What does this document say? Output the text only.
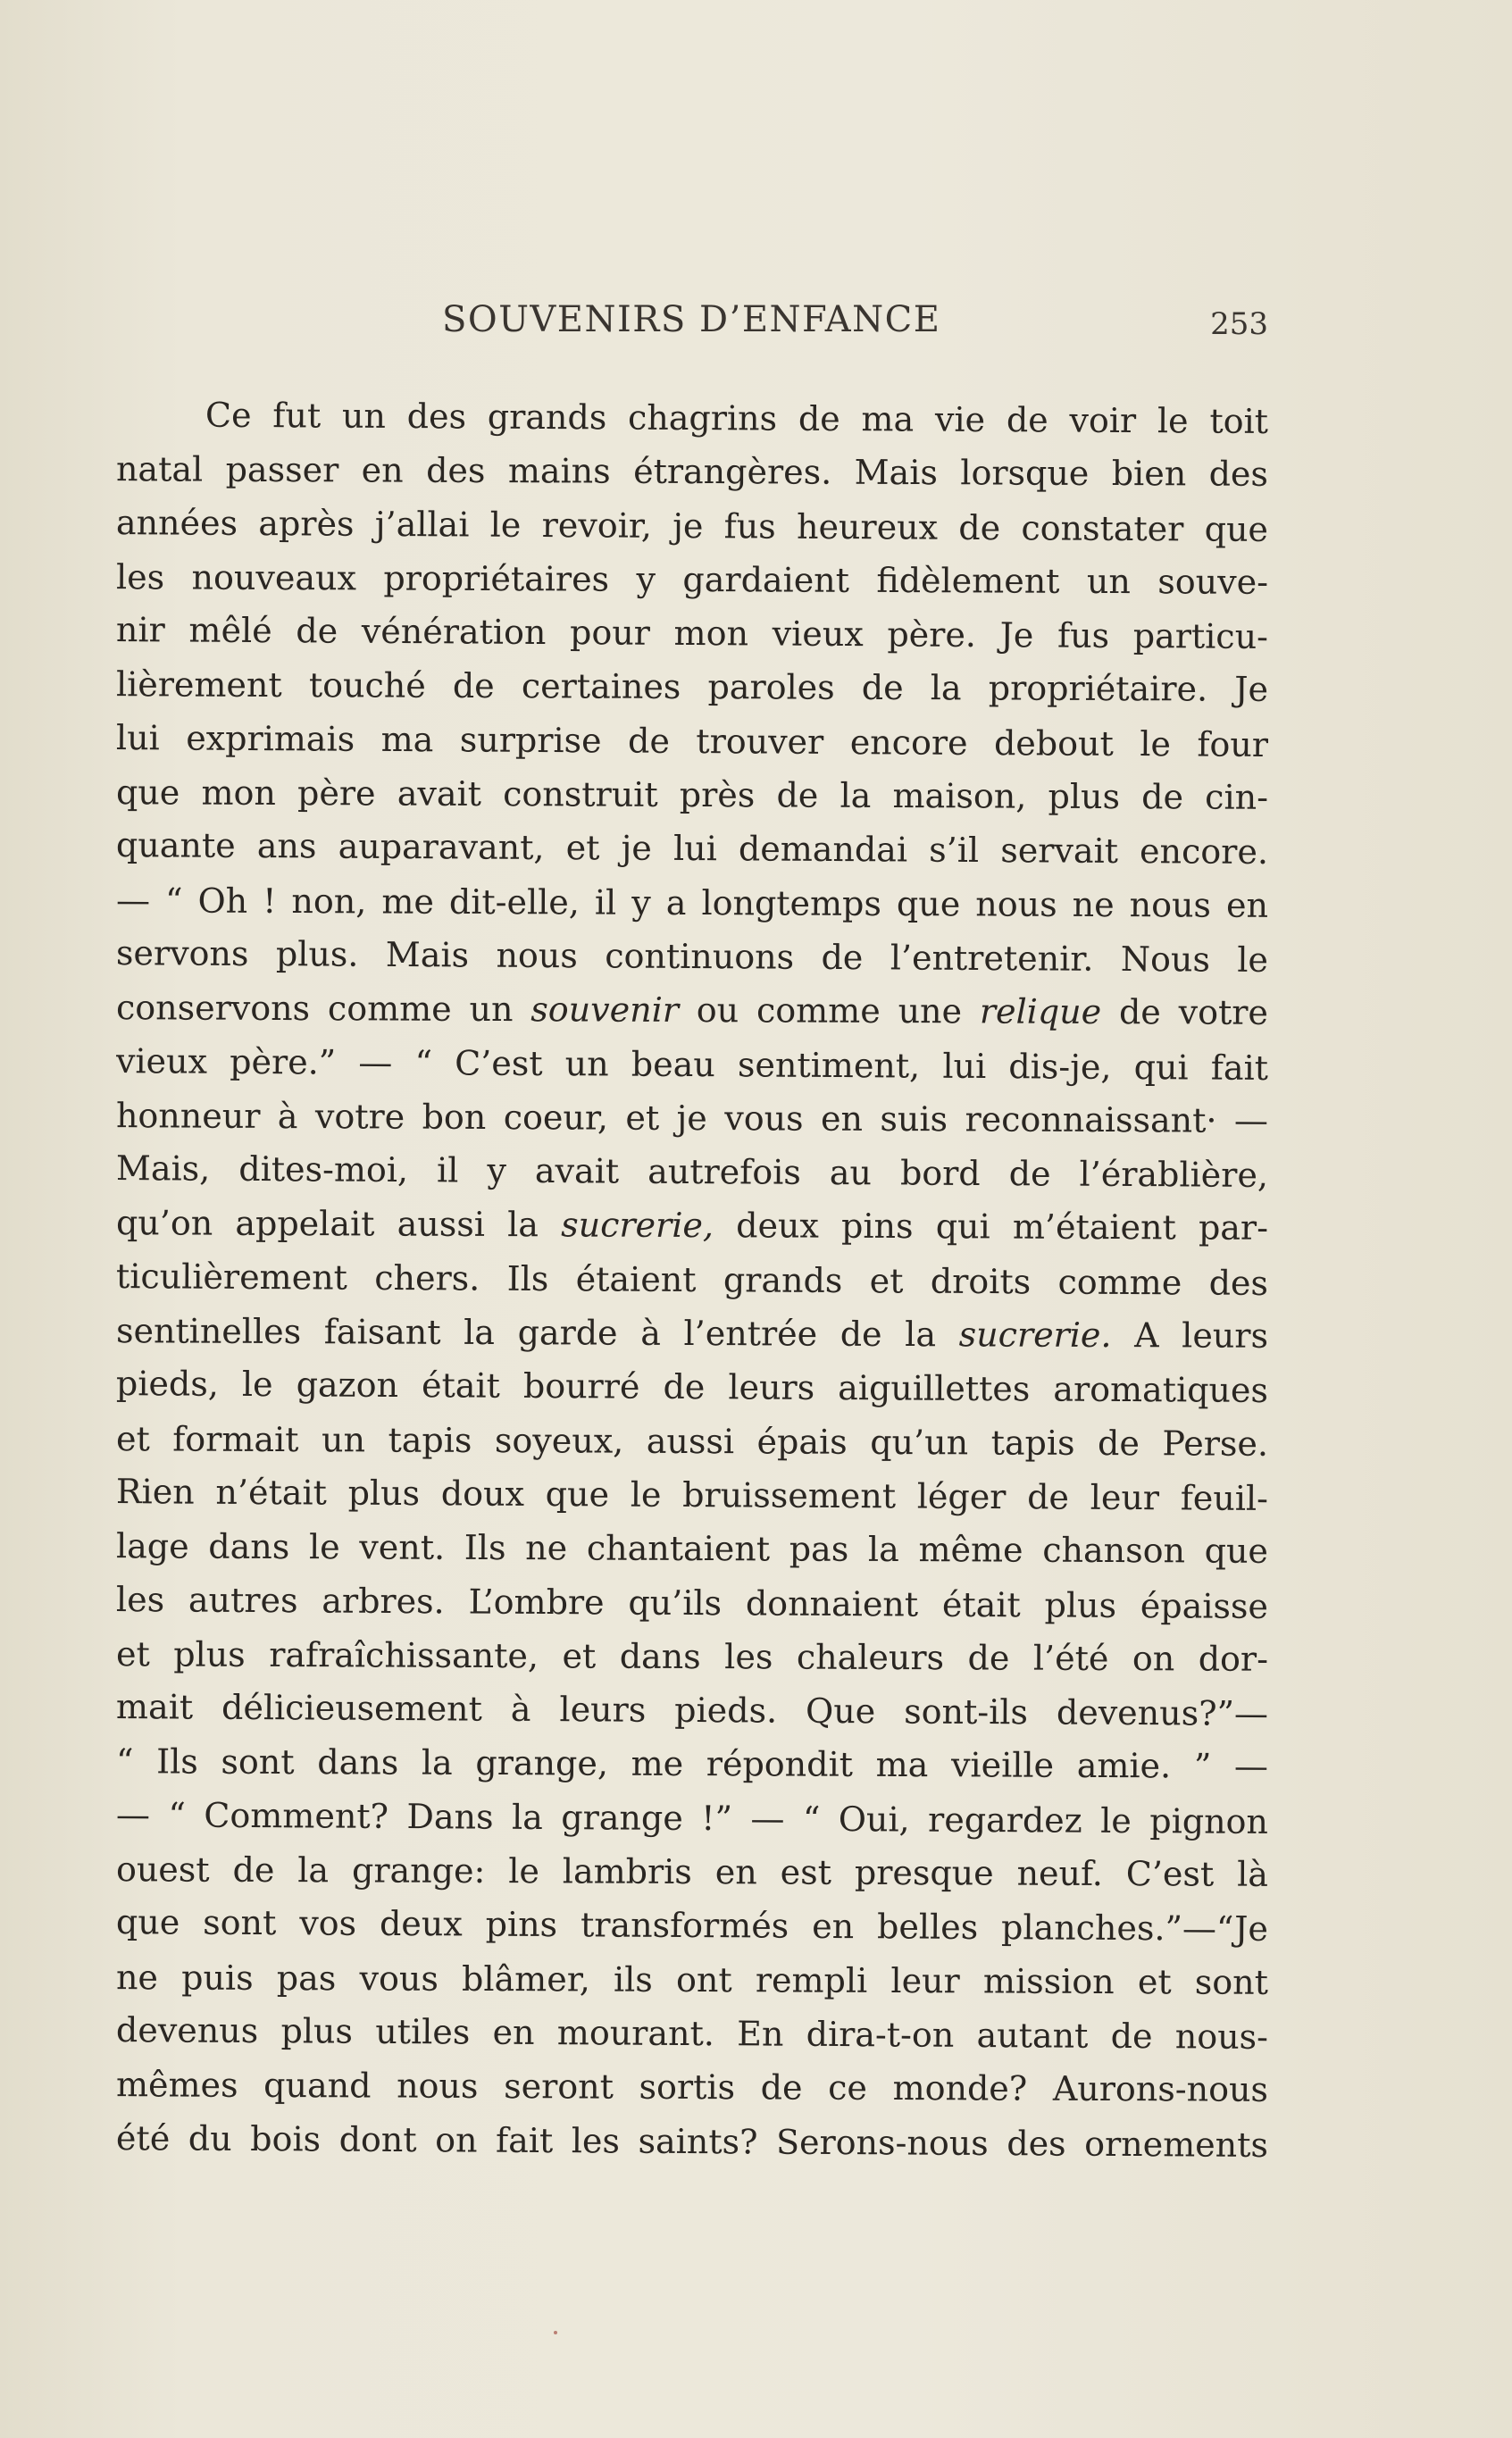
SOUVENIRS D’ENFANCE	253
Ce fut un des grands chagrins de ma vie de voir le toit
natal passer en des mains étrangères. Mais lorsque bien des
années après j’allai le revoir, je fus heureux de constater que
les nouveaux propriétaires y gardaient fidèlement un souve-
nir mêlé de vénération pour mon vieux père. Je fus particu-
lièrement touché de certaines paroles de la propriétaire. Je
lui exprimais ma surprise de trouver encore debout le four
que mon père avait construit près de la maison, plus de cin-
quante ans auparavant, et je lui demandai s’il servait encore.
— “ Oh ! non, me dit-elle, il y a longtemps que nous ne nous en
servons plus. Mais nous continuons de l’entretenir. Nous le
conservons comme un souvenir ou comme une relique de votre
vieux père.” — “ C’est un beau sentiment, lui dis-je, qui fait
honneur à votre bon coeur, et je vous en suis reconnaissant· —
Mais, dites-moi, il y avait autrefois au bord de l’érablière,
qu’on appelait aussi la sucrerie, deux pins qui m’étaient par-
ticulièrement chers. Ils étaient grands et droits comme des
sentinelles faisant la garde à l’entrée de la sucrerie. A leurs
pieds, le gazon était bourré de leurs aiguillettes aromatiques
et formait un tapis soyeux, aussi épais qu’un tapis de Perse.
Rien n’était plus doux que le bruissement léger de leur feuil-
lage dans le vent. Ils ne chantaient pas la même chanson que
les autres arbres. L’ombre qu’ils donnaient était plus épaisse
et plus rafraîchissante, et dans les chaleurs de l’été on dor-
mait délicieusement à leurs pieds. Que sont-ils devenus?”—
“ Ils sont dans la grange, me répondit ma vieille amie. ” —
— “ Comment? Dans la grange !” — “ Oui, regardez le pignon
ouest de la grange: le lambris en est presque neuf. C’est là
que sont vos deux pins transformés en belles planches.”—“Je
ne puis pas vous blâmer, ils ont rempli leur mission et sont
devenus plus utiles en mourant. En dira-t-on autant de nous-
mêmes quand nous seront sortis de ce monde? Aurons-nous
été du bois dont on fait les saints? Serons-nous des ornements
